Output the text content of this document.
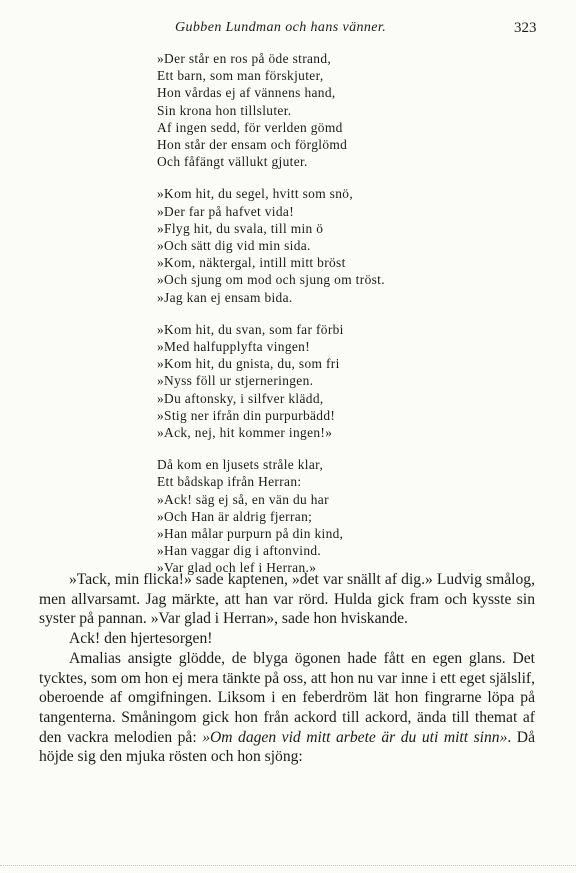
Gubben Lundman och hans vänner.	323
»Der står en ros på öde strand,
Ett barn, som man förskjuter,
Hon vårdas ej af vännens hand,
Sin krona hon tillsluter.
Af ingen sedd, för verlden gömd
Hon står der ensam och förglömd
Och fåfängt vällukt gjuter.
»Kom hit, du segel, hvitt som snö,
»Der far på hafvet vida!
»Flyg hit, du svala, till min ö
»Och sätt dig vid min sida.
»Kom, näktergal, intill mitt bröst
»Och sjung om mod och sjung om tröst.
»Jag kan ej ensam bida.
»Kom hit, du svan, som far förbi
»Med halfupplyfta vingen!
»Kom hit, du gnista, du, som fri
»Nyss föll ur stjerneringen.
»Du aftonsky, i silfver klädd,
»Stig ner ifrån din purpurbädd!
»Ack, nej, hit kommer ingen!»
Då kom en ljusets stråle klar,
Ett bådskap ifrån Herran:
»Ack! säg ej så, en vän du har
»Och Han är aldrig fjerran;
»Han målar purpurn på din kind,
»Han vaggar dig i aftonvind.
»Var glad och lef i Herran.»
»Tack, min flicka!» sade kaptenen, »det var snällt af dig.» Ludvig smålog, men allvarsamt. Jag märkte, att han var rörd. Hulda gick fram och kysste sin syster på pannan. »Var glad i Herran», sade hon hviskande.
Ack! den hjertesorgen!
Amalias ansigte glödde, de blyga ögonen hade fått en egen glans. Det tycktes, som om hon ej mera tänkte på oss, att hon nu var inne i ett eget själslif, oberoende af omgifningen. Liksom i en feberdröm lät hon fingrarne löpa på tangenterna. Småningom gick hon från ackord till ackord, ända till themat af den vackra melodien på: »Om dagen vid mitt arbete är du uti mitt sinn». Då höjde sig den mjuka rösten och hon sjöng:
